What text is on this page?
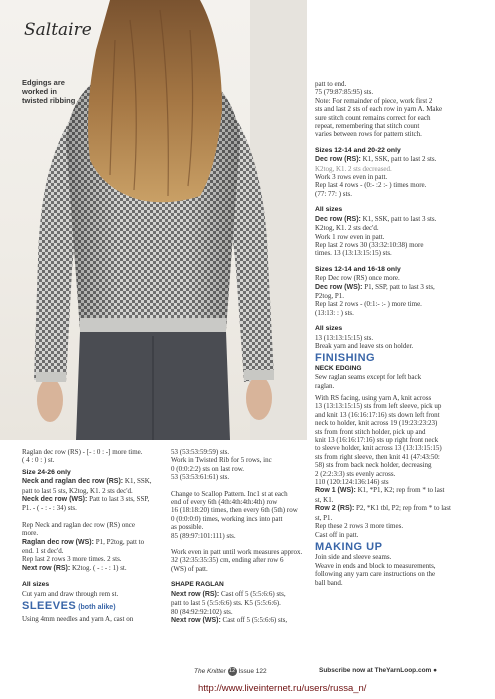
Saltaire
Edgings are
worked in
twisted ribbing

Raglan dec row (RS) - [- : 0 : -] more time.
( 4 : 0 : ) st.

Size 24-26 only

Neck and raglan dec row (RS): K1, SSK,
patt to last 5 sts, K2tog, K1. 2 sts dec'd.
Neck dec row (WS): Patt to last 3 sts, SSP,
P1. - ( - : - : 34) sts.

Rep Neck and raglan dec row (RS) once
more.
Raglan dec row (WS): P1, P2tog, patt to
end. 1 st dec'd.
Rep last 2 rows 3 more times. 2 sts.
Next row (RS): K2tog. ( - : - : 1) st.

All sizes

Cut yarn and draw through rem st.

SLEEVES (both alike)

Using 4mm needles and yarn A, cast on

53 (53:53:59:59) sts.
Work in Twisted Rib for 5 rows, inc
0 (0:0:2:2) sts on last row.
53 (53:53:61:61) sts.

Change to Scallop Pattern. Inc1 st at each
end of every 6th (4th:4th:4th:4th) row
16 (18:18:20) times, then every 6th (5th) row
0 (0:0:0:0) times, working incs into patt
as possible.
85 (89:97:101:111) sts.

Work even in patt until work measures approx.
32 (32:35:35:35) cm, ending after row 6
(WS) of patt.

SHAPE RAGLAN

Next row (RS): Cast off 5 (5:5:6:6) sts,
patt to last 5 (5:5:6:6) sts. K5 (5:5:6:6).
80 (84:92:92:102) sts.
Next row (WS): Cast off 5 (5:5:6:6) sts,

patt to end.
75 (79:87:85:95) sts.
Note: For remainder of piece, work first 2
sts and last 2 sts of each row in yarn A. Make
sure stitch count remains correct for each
repeat, remembering that stitch count
varies between rows for pattern stitch.

Sizes 12-14 and 20-22 only

Dec row (RS): K1, SSK, patt to last 2 sts.
K2tog, K1. 2 sts decreased.
Work 3 rows even in patt.
Rep last 4 rows - (0:- :2 :- ) times more.
(77: 77: ) sts.

All sizes

Dec row (RS): K1, SSK, patt to last 3 sts.
K2tog, K1. 2 sts dec'd.
Work 1 row even in patt.
Rep last 2 rows 30 (33:32:10:38) more
times. 13 (13:13:15:15) sts.

Sizes 12-14 and 16-18 only

Rep Dec row (RS) once more.
Dec row (WS): P1, SSP, patt to last 3 sts,
P2tog, P1.
Rep last 2 rows - (0:1:- :- ) more time.
(13:13: : ) sts.

All sizes

13 (13:13:15:15) sts.
Break yarn and leave sts on holder.

FINISHING
NECK EDGING

Sew raglan seams except for left back
raglan.

With RS facing, using yarn A, knit across
13 (13:13:15:15) sts from left sleeve, pick up
and knit 13 (16:16:17:16) sts down left front
neck to holder, knit across 19 (19:23:23:23)
sts from front stitch holder, pick up and
knit 13 (16:16:17:16) sts up right front neck
to sleeve holder, knit across 13 (13:13:15:15)
sts from right sleeve, then knit 41 (47:43:50:
58) sts from back neck holder, decreasing
2 (2:2:3:3) sts evenly across.
110 (120:124:136:146) sts
Row 1 (WS): K1, *P1, K2; rep from * to last
st, K1.
Row 2 (RS): P2, *K1 tbl, P2; rep from * to last
st, P1.
Rep these 2 rows 3 more times.
Cast off in patt.

MAKING UP

Join side and sleeve seams.
Weave in ends and block to measurements,
following any yarn care instructions on the
ball band.

The Knitter 12 Issue 122	Subscribe now at TheYarnLoop.com ●
http://www.liveinternet.ru/users/russa_n/
